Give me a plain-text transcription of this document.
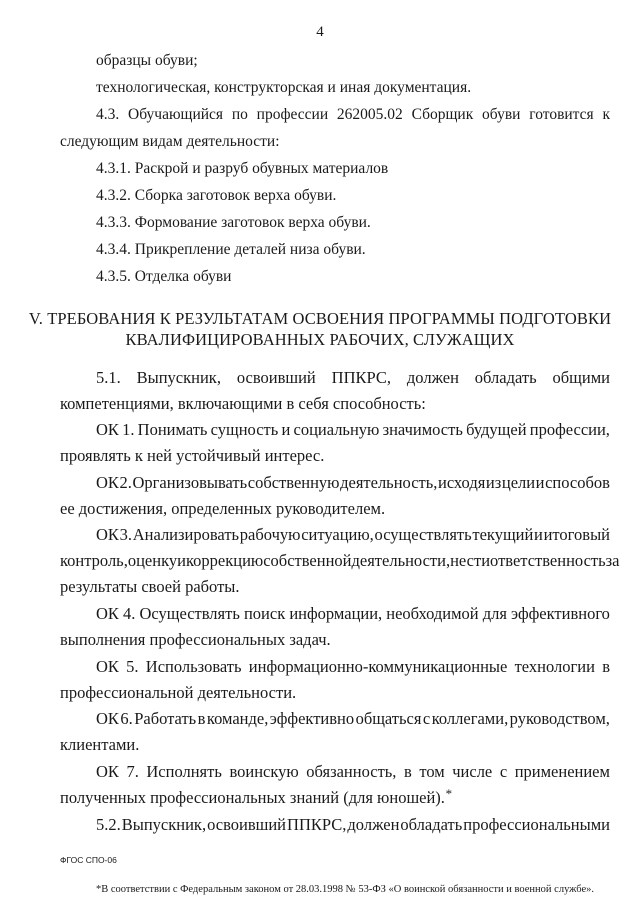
4
образцы обуви;
технологическая, конструкторская и иная документация.
4.3. Обучающийся по профессии 262005.02 Сборщик обуви готовится к
следующим видам деятельности:
4.3.1. Раскрой и разруб обувных материалов
4.3.2. Сборка заготовок верха обуви.
4.3.3. Формование заготовок верха обуви.
4.3.4. Прикрепление деталей низа обуви.
4.3.5. Отделка обуви
V. ТРЕБОВАНИЯ К РЕЗУЛЬТАТАМ ОСВОЕНИЯ ПРОГРАММЫ ПОДГОТОВКИ
КВАЛИФИЦИРОВАННЫХ РАБОЧИХ, СЛУЖАЩИХ
5.1. Выпускник, освоивший ППКРС, должен обладать общими
компетенциями, включающими в себя способность:
ОК 1. Понимать сущность и социальную значимость будущей профессии,
проявлять к ней устойчивый интерес.
ОК 2. Организовывать собственную деятельность, исходя из цели и способов
ее достижения, определенных руководителем.
ОК 3. Анализировать рабочую ситуацию, осуществлять текущий и итоговый
контроль, оценку и коррекцию собственной деятельности, нести ответственность за
результаты своей работы.
ОК 4. Осуществлять поиск информации, необходимой для эффективного
выполнения профессиональных задач.
ОК 5. Использовать информационно-коммуникационные технологии в
профессиональной деятельности.
ОК 6. Работать в команде, эффективно общаться с коллегами, руководством,
клиентами.
ОК 7. Исполнять воинскую обязанность, в том числе с применением
полученных профессиональных знаний (для юношей).*
5.2. Выпускник, освоивший ППКРС, должен обладать профессиональными
ФГОС СПО-06
*В соответствии с Федеральным законом от 28.03.1998 № 53-ФЗ «О воинской обязанности и военной службе».
